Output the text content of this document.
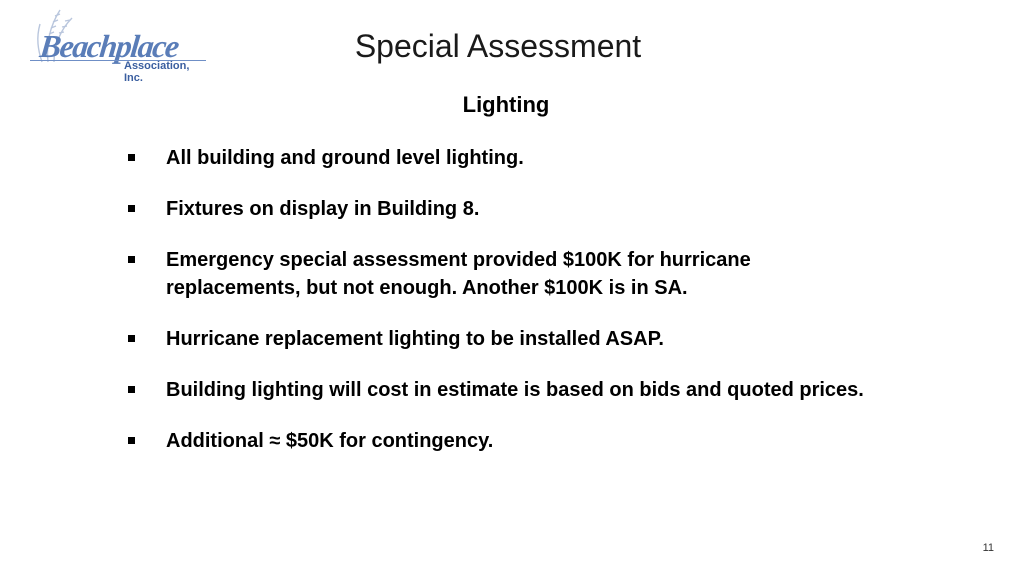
Beachplace
Association, Inc.
Special Assessment
Lighting
All building and ground level lighting.
Fixtures on display in Building 8.
Emergency special assessment provided $100K for hurricane replacements, but not enough. Another $100K is in SA.
Hurricane replacement lighting to be installed ASAP.
Building lighting will cost in estimate is based on bids and quoted prices.
Additional ≈ $50K for contingency.
11
